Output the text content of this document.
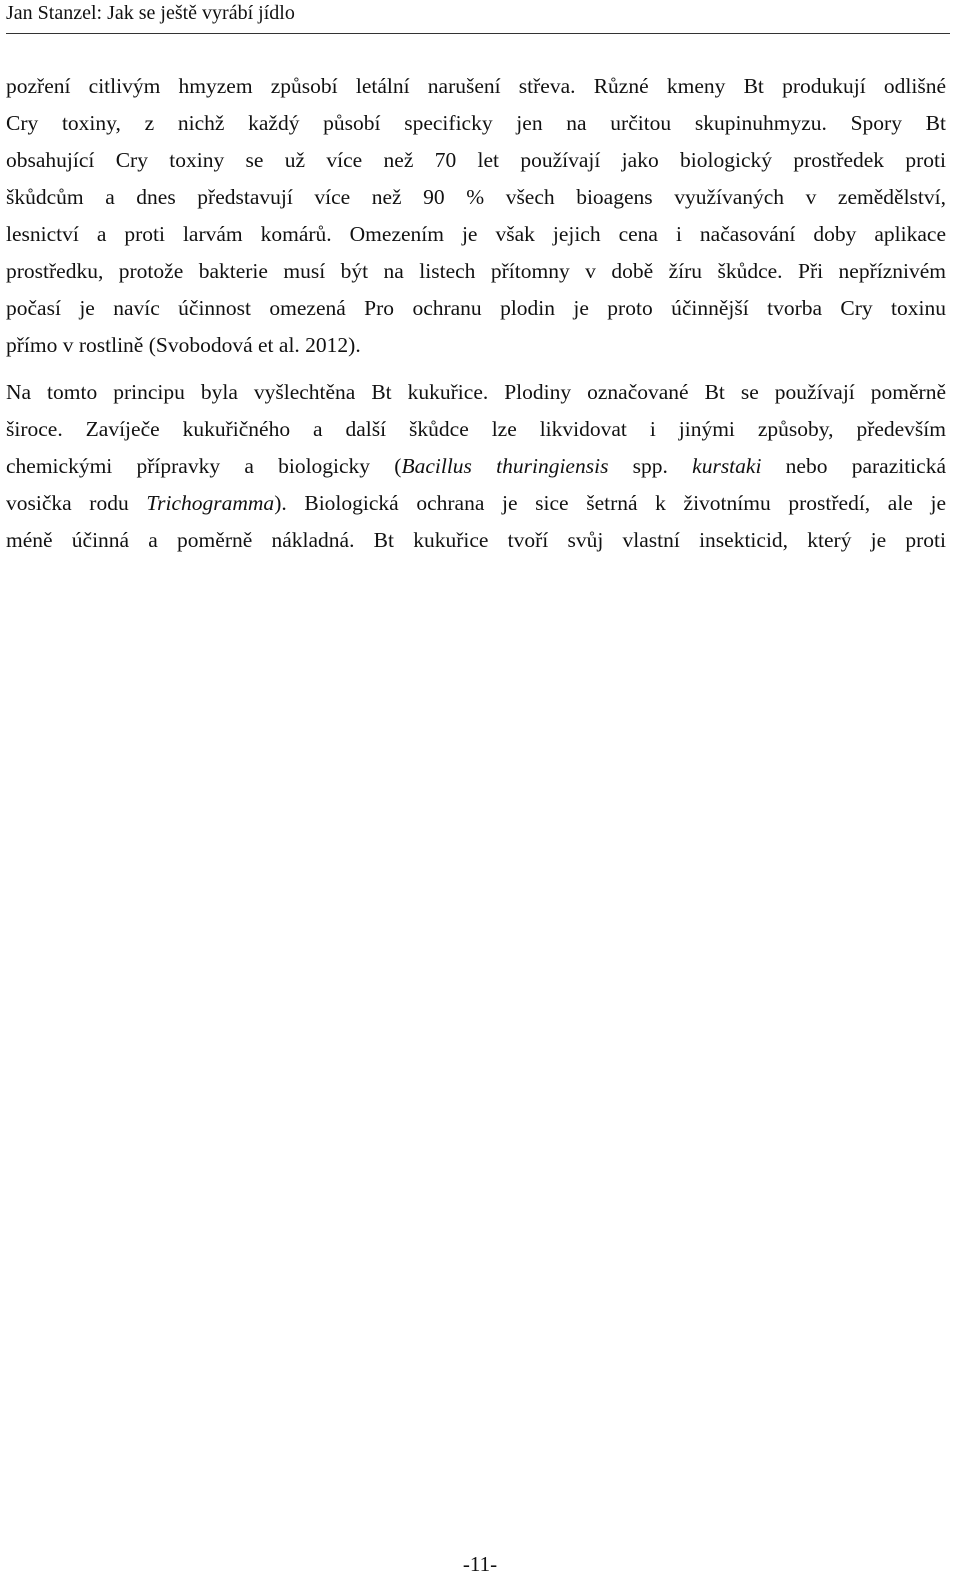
Jan Stanzel: Jak se ještě vyrábí jídlo
pozření citlivým hmyzem způsobí letální narušení střeva. Různé kmeny Bt produkují odlišné
Cry toxiny, z nichž každý působí specificky jen na určitou skupinuhmyzu. Spory Bt
obsahující Cry toxiny se už více než 70 let používají jako biologický prostředek proti
škůdcům a dnes představují více než 90 % všech bioagens využívaných v zemědělství,
lesnictví a proti larvám komárů. Omezením je však jejich cena i načasování doby aplikace
prostředku, protože bakterie musí být na listech přítomny v době žíru škůdce. Při nepříznivém
počasí je navíc účinnost omezená Pro ochranu plodin je proto účinnější tvorba Cry toxinu
přímo v rostlině (Svobodová et al. 2012).
Na tomto principu byla vyšlechtěna Bt kukuřice. Plodiny označované Bt se používají poměrně
široce. Zavíječe kukuřičného a další škůdce lze likvidovat i jinými způsoby, především
chemickými přípravky a biologicky (Bacillus thuringiensis spp. kurstaki nebo parazitická
vosička rodu Trichogramma). Biologická ochrana je sice šetrná k životnímu prostředí, ale je
méně účinná a poměrně nákladná. Bt kukuřice tvoří svůj vlastní insekticid, který je proti
-11-
